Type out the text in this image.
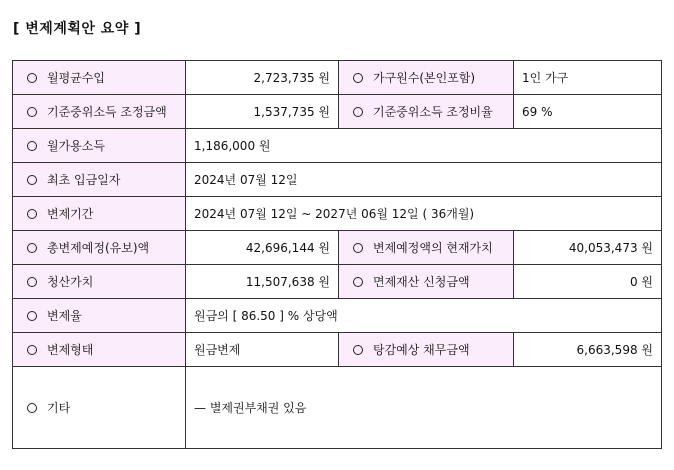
[ 변제계획안 요약 ]
월평균수입	2,723,735 원	가구원수(본인포함)	1인 가구
기준중위소득 조정금액	1,537,735 원	기준중위소득 조정비율	69 %
월가용소득	1,186,000 원		
최초 입금일자	2024년 07월 12일		
변제기간	2024년 07월 12일 ~ 2027년 06월 12일 ( 36개월)		
총변제예정(유보)액	42,696,144 원	변제예정액의 현재가치	40,053,473 원
청산가치	11,507,638 원	면제재산 신청금액	0 원
변제율	원금의 [ 86.50 ] % 상당액		
변제형태	원금변제	탕감예상 채무금액	6,663,598 원
기타	— 별제권부채권 있음		
